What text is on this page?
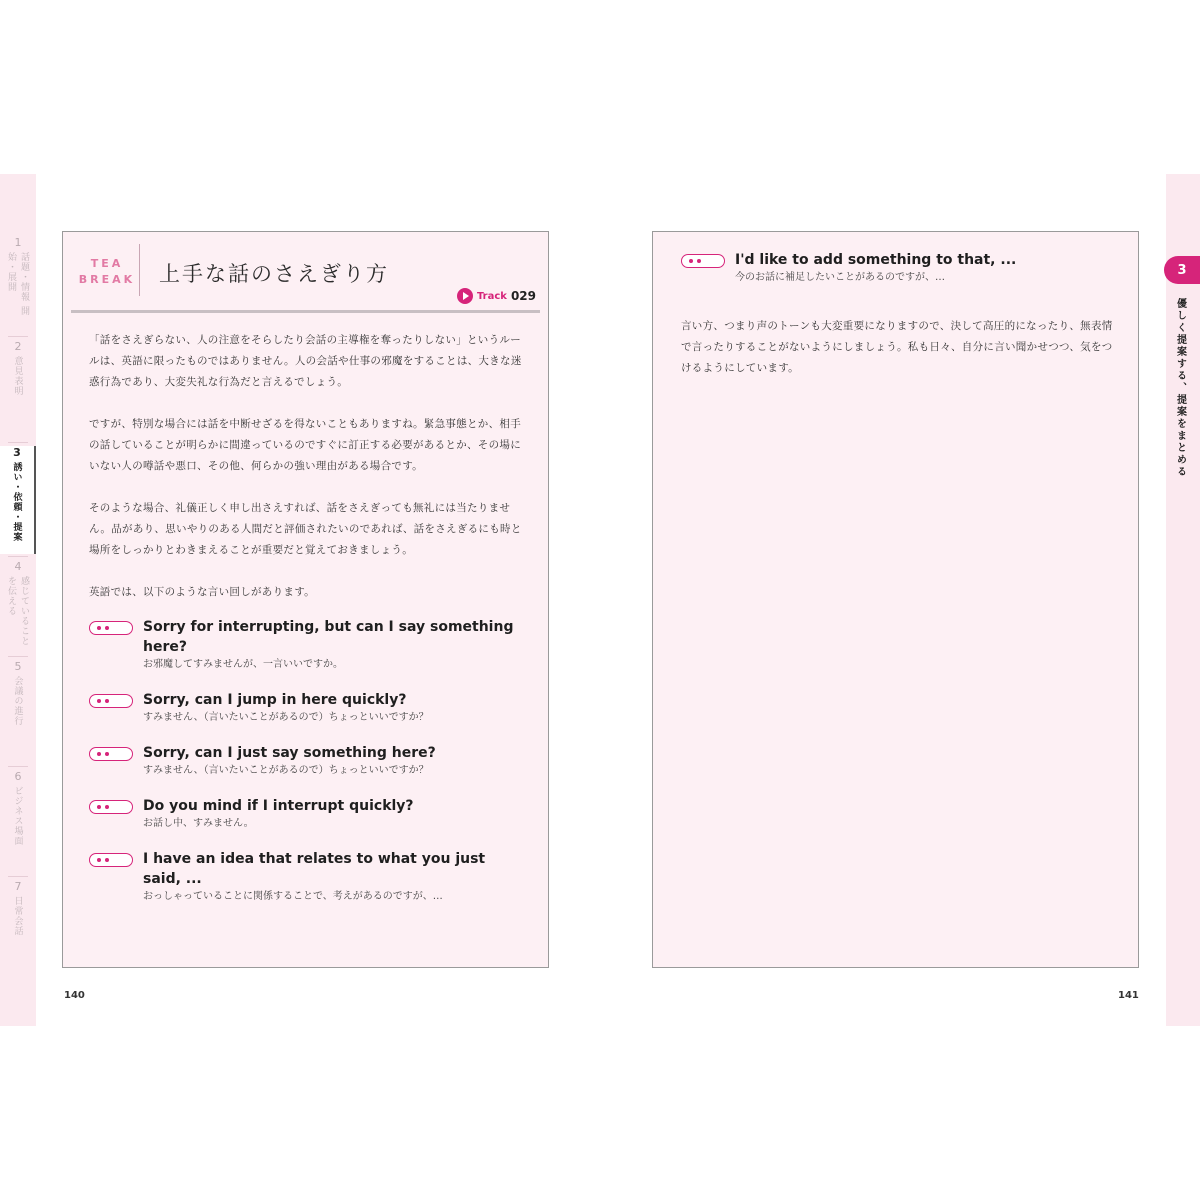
1
話題・情報 開始・展開
2
意見表明
3
誘い・依頼・提案
4
感じていることを伝える
5
会議の進行
6
ビジネス場面
7
日常会話
3
優しく提案する、提案をまとめる
TEA
BREAK 上手な話のさえぎり方
Track 029

「話をさえぎらない、人の注意をそらしたり会話の主導権を奪ったりしない」というルールは、英語に限ったものではありません。人の会話や仕事の邪魔をすることは、大きな迷惑行為であり、大変失礼な行為だと言えるでしょう。

ですが、特別な場合には話を中断せざるを得ないこともありますね。緊急事態とか、相手の話していることが明らかに間違っているのですぐに訂正する必要があるとか、その場にいない人の噂話や悪口、その他、何らかの強い理由がある場合です。

そのような場合、礼儀正しく申し出さえすれば、話をさえぎっても無礼には当たりません。品があり、思いやりのある人間だと評価されたいのであれば、話をさえぎるにも時と場所をしっかりとわきまえることが重要だと覚えておきましょう。

英語では、以下のような言い回しがあります。

Sorry for interrupting, but can I say something here?
お邪魔してすみませんが、一言いいですか。
Sorry, can I jump in here quickly?
すみません、（言いたいことがあるので）ちょっといいですか？
Sorry, can I just say something here?
すみません、（言いたいことがあるので）ちょっといいですか？
Do you mind if I interrupt quickly?
お話し中、すみません。
I have an idea that relates to what you just said, ...
おっしゃっていることに関係することで、考えがあるのですが、…
I'd like to add something to that, ...
今のお話に補足したいことがあるのですが、…

言い方、つまり声のトーンも大変重要になりますので、決して高圧的になったり、無表情で言ったりすることがないようにしましょう。私も日々、自分に言い聞かせつつ、気をつけるようにしています。

140	141
